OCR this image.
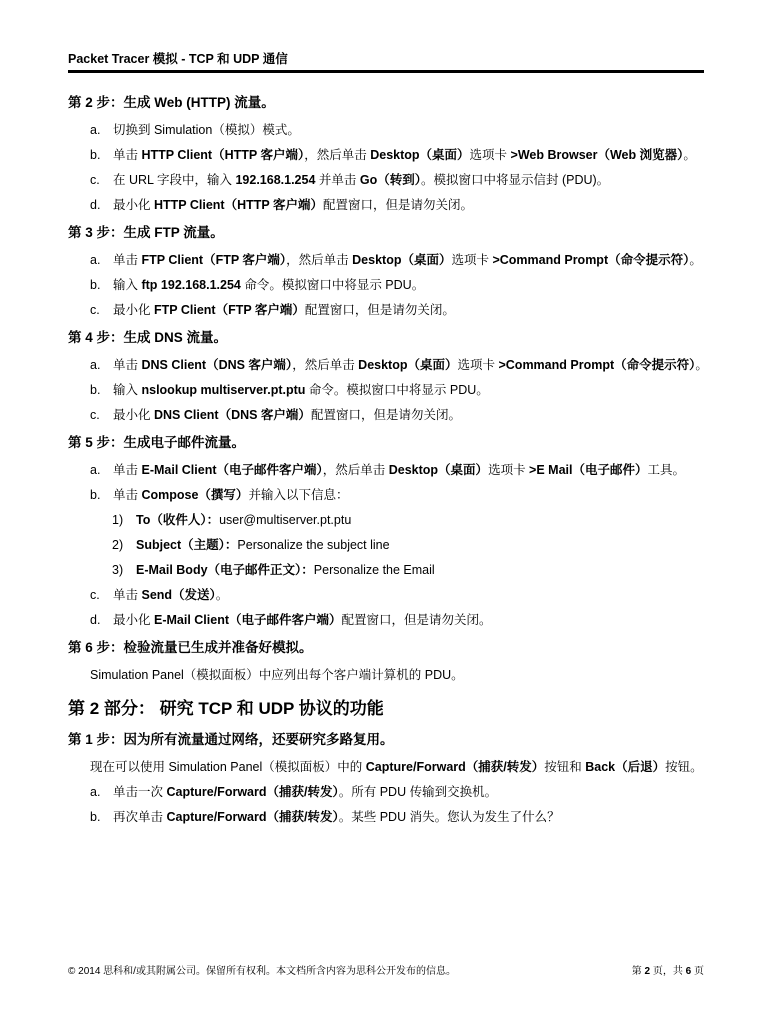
Packet Tracer 模拟 - TCP 和 UDP 通信
第 2 步：生成 Web (HTTP) 流量。
a. 切换到 Simulation（模拟）模式。
b. 单击 HTTP Client（HTTP 客户端），然后单击 Desktop（桌面）选项卡 >Web Browser（Web 浏览器）。
c. 在 URL 字段中，输入 192.168.1.254 并单击 Go（转到）。模拟窗口中将显示信封 (PDU)。
d. 最小化 HTTP Client（HTTP 客户端）配置窗口，但是请勿关闭。
第 3 步：生成 FTP 流量。
a. 单击 FTP Client（FTP 客户端），然后单击 Desktop（桌面）选项卡 >Command Prompt（命令提示符）。
b. 输入 ftp 192.168.1.254 命令。模拟窗口中将显示 PDU。
c. 最小化 FTP Client（FTP 客户端）配置窗口，但是请勿关闭。
第 4 步：生成 DNS 流量。
a. 单击 DNS Client（DNS 客户端），然后单击 Desktop（桌面）选项卡 >Command Prompt（命令提示符）。
b. 输入 nslookup multiserver.pt.ptu 命令。模拟窗口中将显示 PDU。
c. 最小化 DNS Client（DNS 客户端）配置窗口，但是请勿关闭。
第 5 步：生成电子邮件流量。
a. 单击 E-Mail Client（电子邮件客户端），然后单击 Desktop（桌面）选项卡 >E Mail（电子邮件）工具。
b. 单击 Compose（撰写）并输入以下信息：
1) To（收件人）：user@multiserver.pt.ptu
2) Subject（主题）：Personalize the subject line
3) E-Mail Body（电子邮件正文）：Personalize the Email
c. 单击 Send（发送）。
d. 最小化 E-Mail Client（电子邮件客户端）配置窗口，但是请勿关闭。
第 6 步：检验流量已生成并准备好模拟。
Simulation Panel（模拟面板）中应列出每个客户端计算机的 PDU。
第 2 部分： 研究 TCP 和 UDP 协议的功能
第 1 步：因为所有流量通过网络，还要研究多路复用。
现在可以使用 Simulation Panel（模拟面板）中的 Capture/Forward（捕获/转发）按钮和 Back（后退）按钮。
a. 单击一次 Capture/Forward（捕获/转发）。所有 PDU 传输到交换机。
b. 再次单击 Capture/Forward（捕获/转发）。某些 PDU 消失。您认为发生了什么？
© 2014 思科和/或其附属公司。保留所有权利。本文档所含内容为思科公开发布的信息。	第 2 页，共 6 页
